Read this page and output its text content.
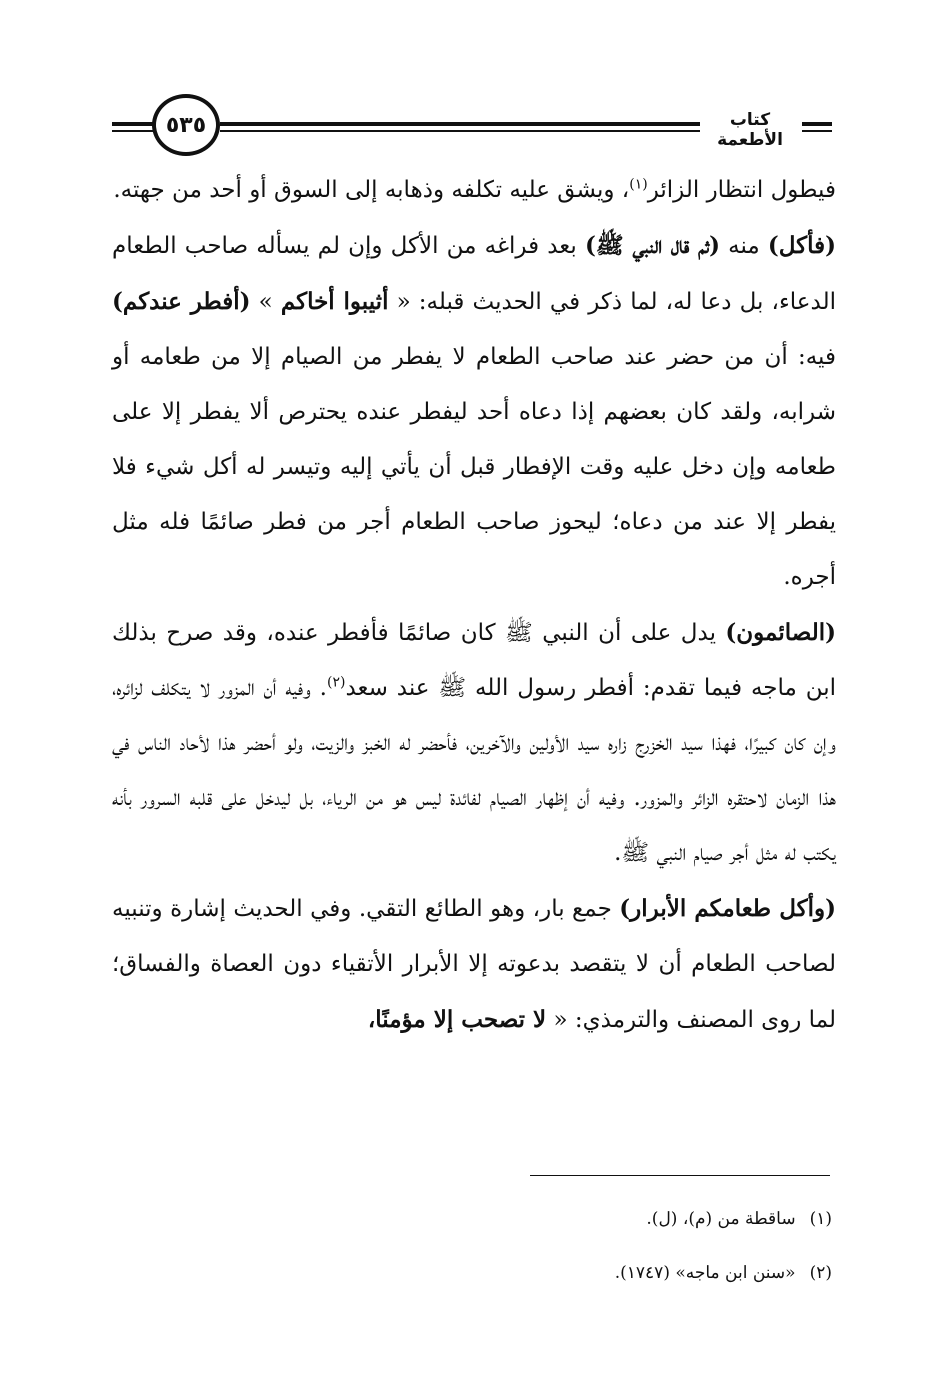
٥٣٥	كتاب الأطعمة

فيطول انتظار الزائر$^{(١)}$، ويشق عليه تكلفه وذهابه إلى السوق أو أحد من جهته.

(فأكل) منه (ثم قال النبي ﷺ) بعد فراغه من الأكل وإن لم يسأله صاحب الطعام الدعاء، بل دعا له، لما ذكر في الحديث قبله: « أثيبوا أخاكم » (أفطر عندكم) فيه: أن من حضر عند صاحب الطعام لا يفطر من الصيام إلا من طعامه أو شرابه، ولقد كان بعضهم إذا دعاه أحد ليفطر عنده يحترص ألا يفطر إلا على طعامه وإن دخل عليه وقت الإفطار قبل أن يأتي إليه وتيسر له أكل شيء فلا يفطر إلا عند من دعاه؛ ليحوز صاحب الطعام أجر من فطر صائمًا فله مثل أجره.

(الصائمون) يدل على أن النبي ﷺ كان صائمًا فأفطر عنده، وقد صرح بذلك ابن ماجه فيما تقدم: أفطر رسول الله ﷺ عند سعد$^{(٢)}$. وفيه أن المزور لا يتكلف لزائره، وإن كان كبيرًا، فهذا سيد الخزرج زاره سيد الأولين والآخرين، فأحضر له الخبز والزيت، ولو أحضر هذا لأحاد الناس في هذا الزمان لاحتقره الزائر والمزور. وفيه أن إظهار الصيام لفائدة ليس هو من الرياء، بل ليدخل على قلبه السرور بأنه يكتب له مثل أجر صيام النبي ﷺ.

(وأكل طعامكم الأبرار) جمع بار، وهو الطائع التقي. وفي الحديث إشارة وتنبيه لصاحب الطعام أن لا يتقصد بدعوته إلا الأبرار الأتقياء دون العصاة والفساق؛ لما روى المصنف والترمذي: « لا تصحب إلا مؤمنًا،

(١)ساقطة من (م)، (ل).
(٢)«سنن ابن ماجه» (١٧٤٧).
